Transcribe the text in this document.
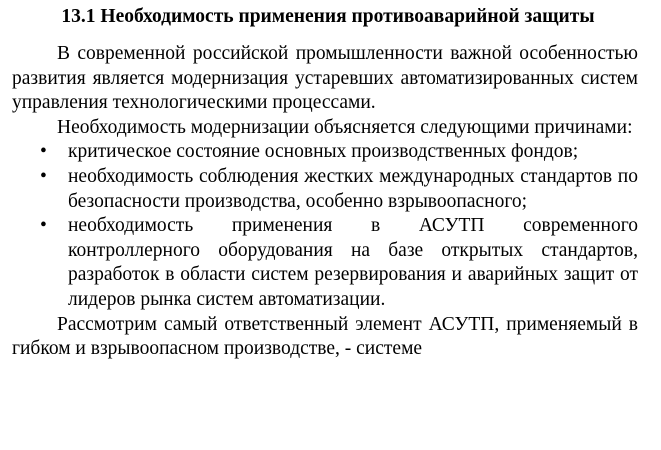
13.1 Необходимость применения противоаварийной защиты

В современной российской промышленности важной особенностью развития является модернизация устаревших автоматизированных систем управления технологическими процессами.

Необходимость модернизации объясняется следующими причинами:

•	критическое состояние основных производственных фондов;
•	необходимость соблюдения жестких международных стандартов по безопасности производства, особенно взрывоопасного;
•	необходимость применения в АСУТП современного контроллерного оборудования на базе открытых стандартов, разработок в области систем резервирования и аварийных защит от лидеров рынка систем автоматизации.

Рассмотрим самый ответственный элемент АСУТП, применяемый в гибком и взрывоопасном производстве, - системе
